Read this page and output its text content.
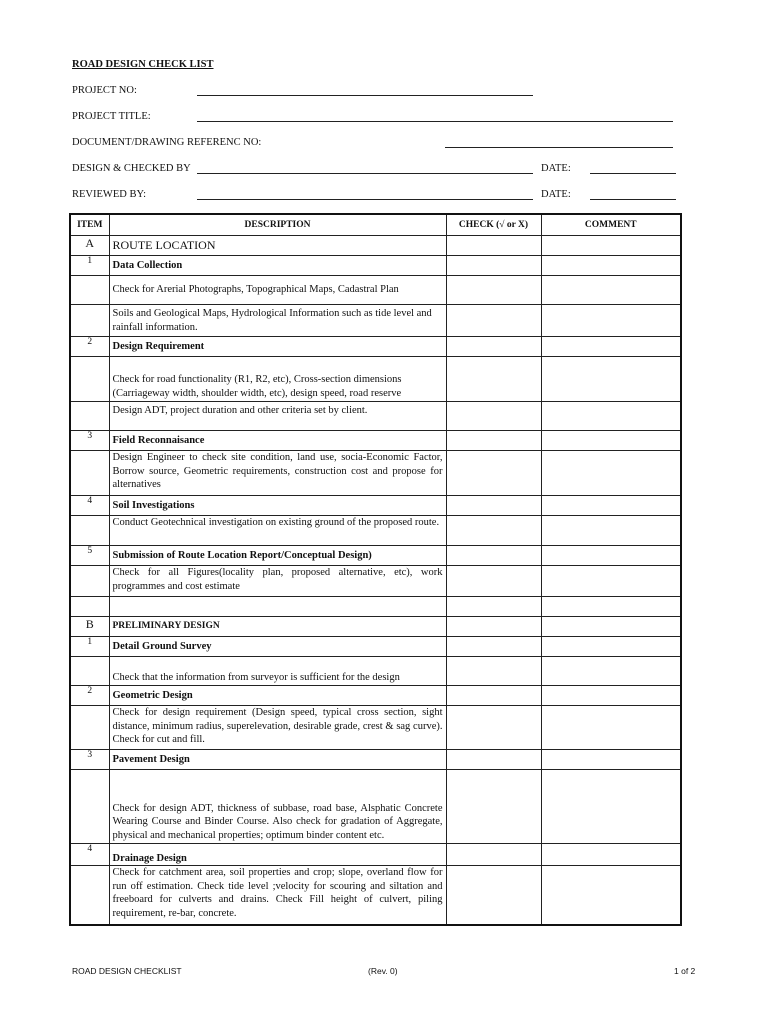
ROAD DESIGN CHECK LIST
PROJECT NO:
PROJECT TITLE:
DOCUMENT/DRAWING REFERENC NO:
DESIGN & CHECKED BY	DATE:
REVIEWED BY:	DATE:
ITEM	DESCRIPTION	CHECK (√ or X)	COMMENT
A	ROUTE LOCATION		
1	Data Collection		
	Check for Arerial Photographs, Topographical Maps, Cadastral Plan		
	Soils and Geological Maps, Hydrological Information such as tide level and rainfall information.		
2	Design Requirement		
	Check for road functionality (R1, R2, etc), Cross-section dimensions (Carriageway width, shoulder width, etc), design speed, road reserve		
	Design ADT, project duration and other criteria set by client.		
3	Field Reconnaisance		
	Design Engineer to check site condition, land use, socia-Economic Factor, Borrow source, Geometric requirements, construction cost and propose for alternatives		
4	Soil Investigations		
	Conduct Geotechnical investigation on existing ground of the proposed route.		
5	Submission of Route Location Report/Conceptual Design)		
	Check for all Figures(locality plan, proposed alternative, etc), work programmes and cost estimate		

B	PRELIMINARY DESIGN		
1	Detail Ground Survey		
	Check that the information from surveyor is sufficient for the design		
2	Geometric Design		
	Check for design requirement (Design speed, typical cross section, sight distance, minimum radius, superelevation, desirable grade, crest & sag curve). Check for cut and fill.		
3	Pavement Design		
	Check for design ADT, thickness of subbase, road base, Alsphatic Concrete Wearing Course and Binder Course. Also check for gradation of Aggregate, physical and mechanical properties; optimum binder content etc.		
4	Drainage Design		
	Check for catchment area, soil properties and crop; slope, overland flow for run off estimation. Check tide level ;velocity for scouring and siltation and freeboard for culverts and drains. Check Fill height of culvert, piling requirement, re-bar, concrete.		
ROAD DESIGN CHECKLIST	(Rev. 0)	1 of 2
